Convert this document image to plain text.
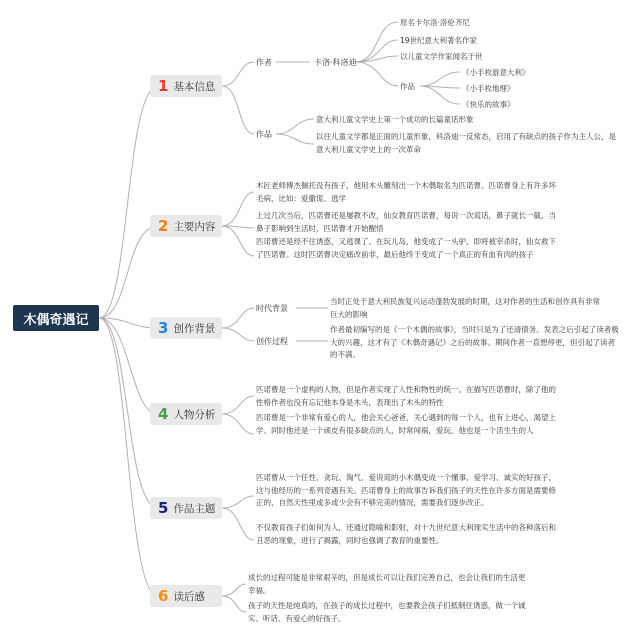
木偶奇遇记
1 基本信息
2 主要内容
3 创作背景
4 人物分析
5 作品主题
6 读后感
作者	卡洛·科洛迪
原名卡尔洛·洛伦齐尼
19世纪意大利著名作家
以儿童文学作家闻名于世
作品
《小手枚游意大利》
《小手枚地理》
《快乐的故事》
作品
意大利儿童文学史上第一个成功的长篇童话形象
以往儿童文学都是正面的儿童形象，科洛迪一反常态，启用了有缺点的孩子作为主人公，是意大利儿童文学史上的一次革命
木匠老师傅杰佩托没有孩子，他用木头雕刻出一个木偶取名为匹诺曹。匹诺曹身上有许多坏毛病，比如：爱撒谎、逃学
上过几次当后，匹诺曹还是屡教不改，仙女教育匹诺曹，每说一次谎话，鼻子就长一截。当鼻子影响到生活时，匹诺曹才开始醒悟
匹诺曹还是经不住诱惑，又逃课了。在玩儿岛，他变成了一头驴，即将被宰杀时，仙女救下了匹诺曹。这时匹诺曹决定痛改前非，最后他终于变成了一个真正的有血有肉的孩子
时代背景
当时正处于意大利民族复兴运动蓬勃发展的时期，这对作者的生活和创作具有非常巨大的影响
创作过程
作者最初编写的是《一个木偶的故事》，当时只是为了还清债务。发表之后引起了读者极大的兴趣，这才有了《木偶奇遇记》之后的故事。期间作者一直想停更，但引起了读者的不满。
匹诺曹是一个虚构的人物，但是作者实现了人性和物性的统一。在描写匹诺曹时，除了他的性格作者也没有忘记他本身是木头，表现出了木头的特性
匹诺曹是一个非常有爱心的人，他会关心爸爸，关心遇到的每一个人，也有上进心，渴望上学。同时他还是一个顽皮有很多缺点的人，时常闯祸，爱玩。他也是一个活生生的人
匹诺曹从一个任性、贪玩、淘气、爱说谎的小木偶变成一个懂事、爱学习、诚实的好孩子，这与他经历的一系列奇遇有关。匹诺曹身上的故事告诉我们孩子的天性在许多方面是需要修正的，自然天性里或多或少会有不够完美的情况，需要我们逐步改正。
不仅教育孩子们如何为人，还通过隐喻和影射，对十九世纪意大利现实生活中的各种落后和丑恶的现象，进行了揭露，同时也强调了教育的重要性。
成长的过程可能是非常艰辛的，但是成长可以让我们完善自己，也会让我们的生活更幸福。
孩子的天性是纯真的，在孩子的成长过程中，也要教会孩子们抵制住诱惑，做一个诚实、听话、有爱心的好孩子。
